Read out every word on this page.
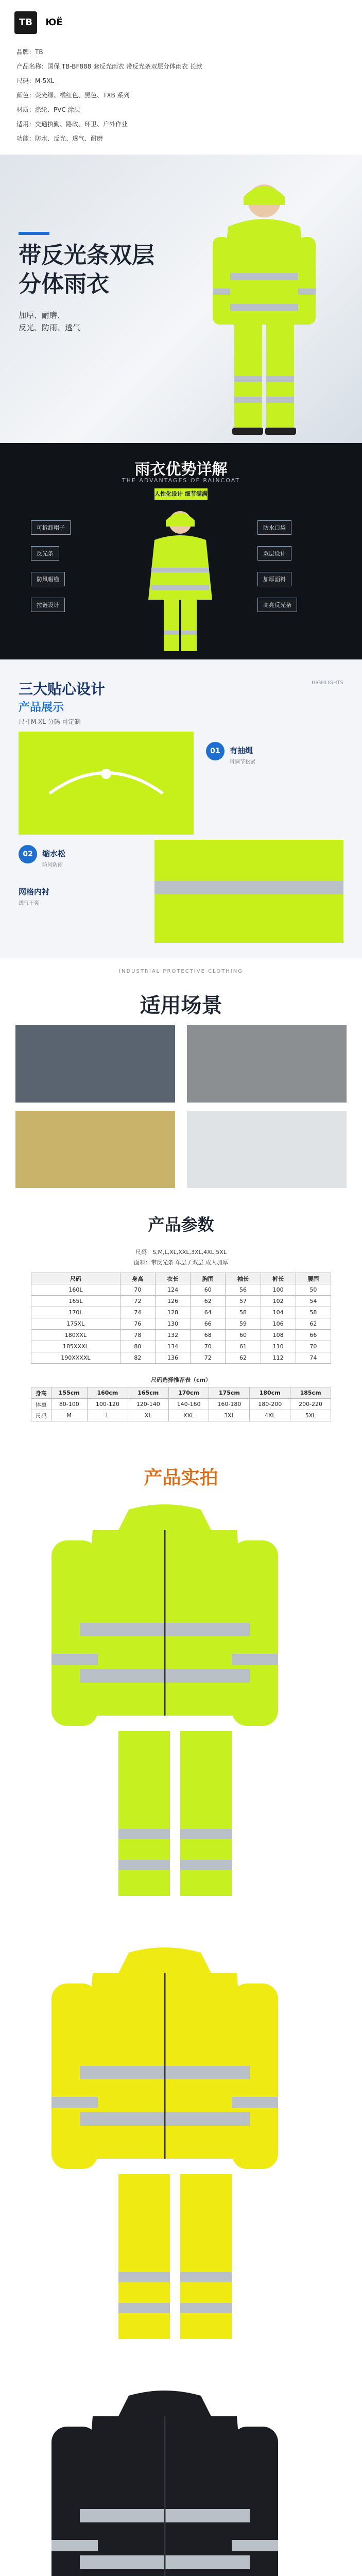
TB ЮЁ
品牌：TB
产品名称：国保 TB-BF888 套反光雨衣 带反光条双层分体雨衣 长款
尺码：M-5XL
颜色：荧光绿、橘红色、黑色、TXB 系列
材质：涤纶、PVC 涂层
适用：交通执勤、路政、环卫、户外作业
功能：防水、反光、透气、耐磨
带反光条双层分体雨衣
加厚、耐磨、
反光、防雨、透气
雨衣优势详解
THE ADVANTAGES OF RAINCOAT
人性化设计 细节满满
可拆卸帽子
反光条
防风帽檐
拉链设计
防水口袋
双层设计
加厚面料
高亮反光条
三大贴心设计
产品展示
尺寸M-XL 分码 可定制
HIGHLIGHTS
01	有抽绳
可调节松紧
02	缩水松
防风防雨
网格内衬
透气干爽
INDUSTRIAL PROTECTIVE CLOTHING
适用场景
产品参数
尺码：S,M,L,XL,XXL,3XL,4XL,5XL
面料：带反光条 单层 / 双层 成人加厚
尺码	身高	衣长	胸围	袖长	裤长	腰围
160L	70	124	60	56	100	50
165L	72	126	62	57	102	54
170L	74	128	64	58	104	58
175XL	76	130	66	59	106	62
180XXL	78	132	68	60	108	66
185XXXL	80	134	70	61	110	70
190XXXXL	82	136	72	62	112	74
尺码选择推荐表（cm）
身高	155cm	160cm	165cm	170cm	175cm	180cm	185cm
体重	80-100	100-120	120-140	140-160	160-180	180-200	200-220
尺码	M	L	XL	XXL	3XL	4XL	5XL
产品实拍
